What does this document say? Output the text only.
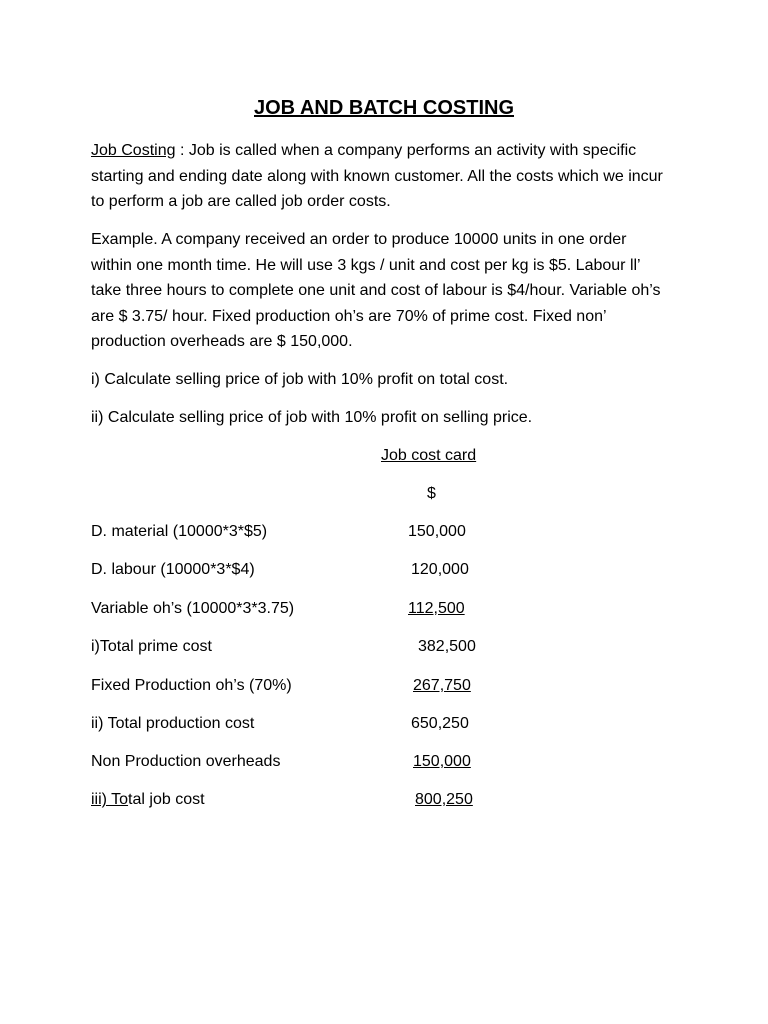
JOB AND BATCH COSTING
Job Costing : Job is called when a company performs an activity with specific
starting and ending date along with known customer. All the costs which we incur
to perform a job are called job order costs.
Example. A company received an order to produce 10000 units in one order
within one month time. He will use 3 kgs / unit and cost per kg is $5. Labour ll’
take three hours to complete one unit and cost of labour is $4/hour. Variable oh’s
are $ 3.75/ hour. Fixed production oh’s are 70% of prime cost. Fixed non’
production overheads are $ 150,000.
i) Calculate selling price of job with 10% profit on total cost.
ii) Calculate selling price of job with 10% profit on selling price.
Job cost card
$
D. material (10000*3*$5)	150,000
D. labour (10000*3*$4)	120,000
Variable oh’s (10000*3*3.75)	112,500
i)Total prime cost	382,500
Fixed Production oh’s (70%)	267,750
ii) Total production cost	650,250
Non Production overheads	150,000
iii) Total job cost	800,250
